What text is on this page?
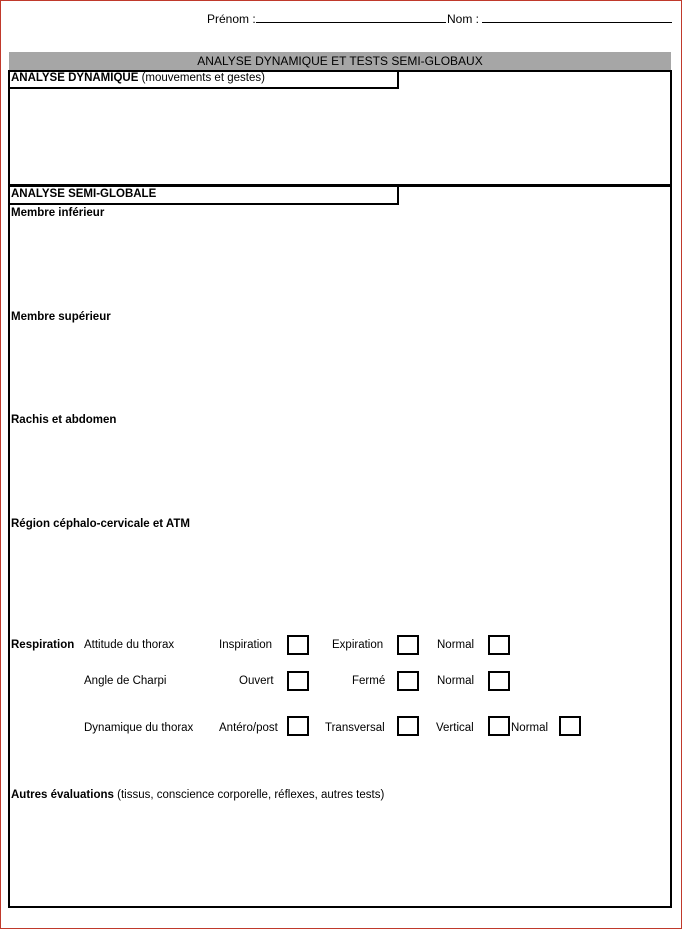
Prénom :	Nom :
ANALYSE DYNAMIQUE ET TESTS SEMI-GLOBAUX
ANALYSE DYNAMIQUE (mouvements et gestes)
ANALYSE SEMI-GLOBALE
Membre inférieur
Membre supérieur
Rachis et abdomen
Région céphalo-cervicale et ATM
Respiration Attitude du thorax	Inspiration	Expiration	Normal
Angle de Charpi	Ouvert	Fermé	Normal
Dynamique du thorax Antéro/post	Transversal	Vertical	Normal
Autres évaluations (tissus, conscience corporelle, réflexes, autres tests)
